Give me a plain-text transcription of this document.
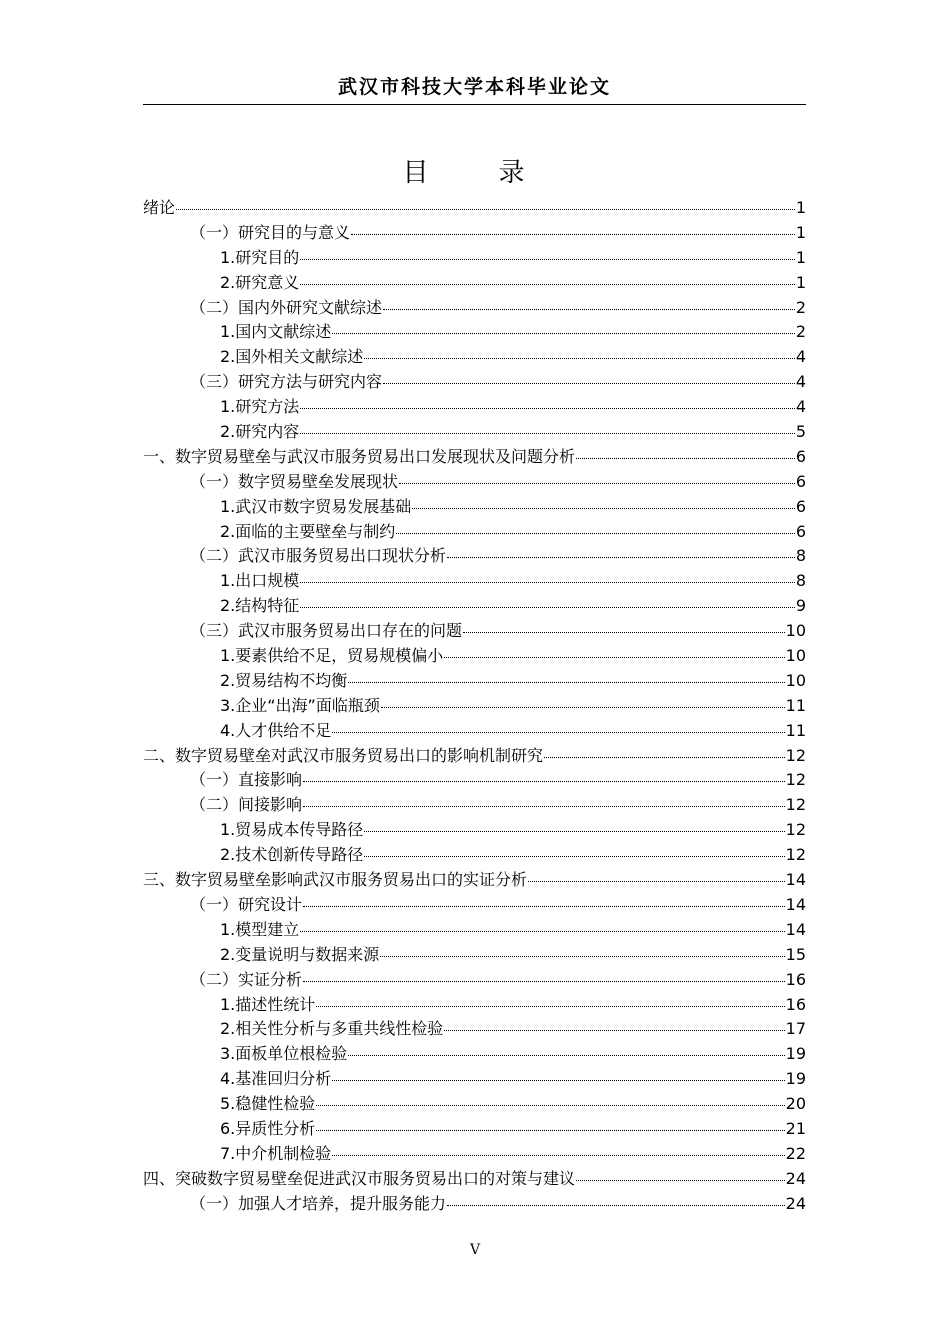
武汉市科技大学本科毕业论文
目　录
绪论	1
（一）研究目的与意义	1
1.研究目的	1
2.研究意义	1
（二）国内外研究文献综述	2
1.国内文献综述	2
2.国外相关文献综述	4
（三）研究方法与研究内容	4
1.研究方法	4
2.研究内容	5
一、数字贸易壁垒与武汉市服务贸易出口发展现状及问题分析	6
（一）数字贸易壁垒发展现状	6
1.武汉市数字贸易发展基础	6
2.面临的主要壁垒与制约	6
（二）武汉市服务贸易出口现状分析	8
1.出口规模	8
2.结构特征	9
（三）武汉市服务贸易出口存在的问题	10
1.要素供给不足，贸易规模偏小	10
2.贸易结构不均衡	10
3.企业“出海”面临瓶颈	11
4.人才供给不足	11
二、数字贸易壁垒对武汉市服务贸易出口的影响机制研究	12
（一）直接影响	12
（二）间接影响	12
1.贸易成本传导路径	12
2.技术创新传导路径	12
三、数字贸易壁垒影响武汉市服务贸易出口的实证分析	14
（一）研究设计	14
1.模型建立	14
2.变量说明与数据来源	15
（二）实证分析	16
1.描述性统计	16
2.相关性分析与多重共线性检验	17
3.面板单位根检验	19
4.基准回归分析	19
5.稳健性检验	20
6.异质性分析	21
7.中介机制检验	22
四、突破数字贸易壁垒促进武汉市服务贸易出口的对策与建议	24
（一）加强人才培养，提升服务能力	24
V
